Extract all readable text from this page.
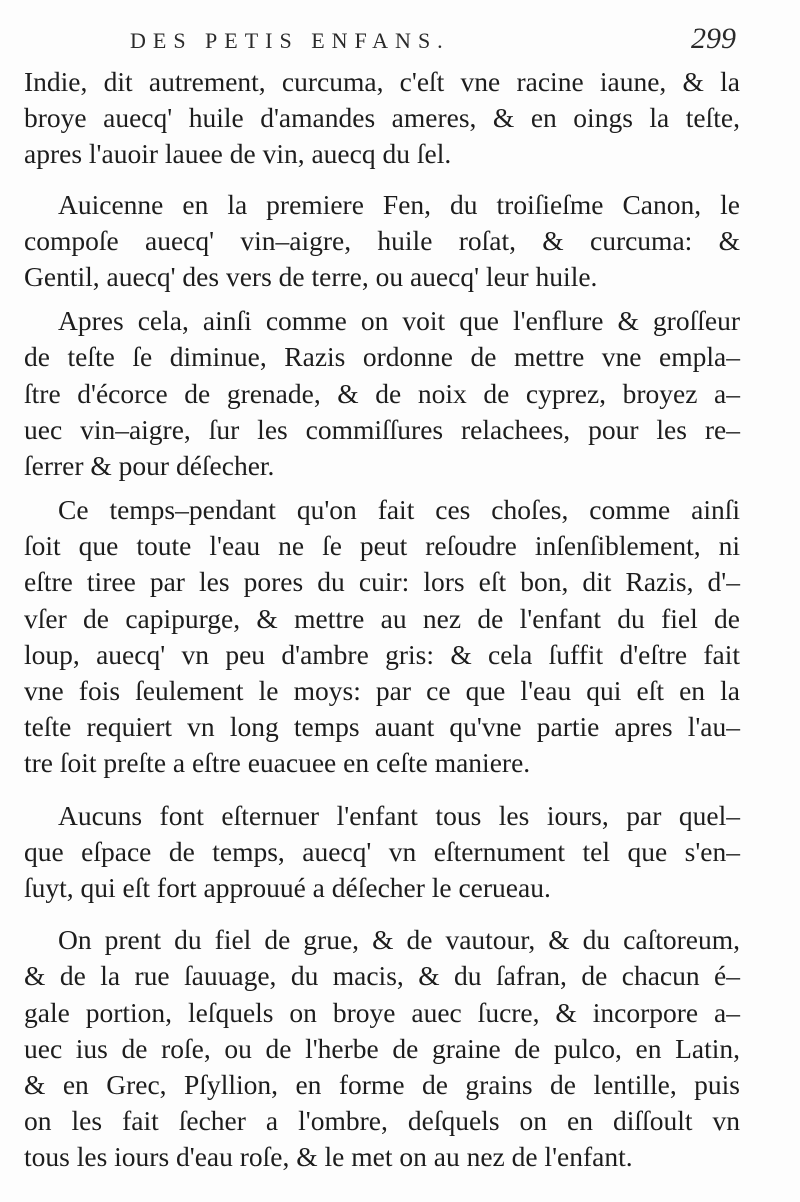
DES PETIS ENFANS.	299
Indie, dit autrement, curcuma, c'eſt vne racine iaune, & la
broye auecq' huile d'amandes ameres, & en oings la teſte,
apres l'auoir lauee de vin, auecq du ſel.
Auicenne en la premiere Fen, du troiſieſme Canon, le
compoſe auecq' vin–aigre, huile roſat, & curcuma: &
Gentil, auecq' des vers de terre, ou auecq' leur huile.
Apres cela, ainſi comme on voit que l'enflure & groſſeur
de teſte ſe diminue, Razis ordonne de mettre vne empla–
ſtre d'écorce de grenade, & de noix de cyprez, broyez a–
uec vin–aigre, ſur les commiſſures relachees, pour les re–
ſerrer & pour déſecher.
Ce temps–pendant qu'on fait ces choſes, comme ainſi
ſoit que toute l'eau ne ſe peut reſoudre inſenſiblement, ni
eſtre tiree par les pores du cuir: lors eſt bon, dit Razis, d'–
vſer de capipurge, & mettre au nez de l'enfant du fiel de
loup, auecq' vn peu d'ambre gris: & cela ſuffit d'eſtre fait
vne fois ſeulement le moys: par ce que l'eau qui eſt en la
teſte requiert vn long temps auant qu'vne partie apres l'au–
tre ſoit preſte a eſtre euacuee en ceſte maniere.
Aucuns font eſternuer l'enfant tous les iours, par quel–
que eſpace de temps, auecq' vn eſternument tel que s'en–
ſuyt, qui eſt fort approuué a déſecher le cerueau.
On prent du fiel de grue, & de vautour, & du caſtoreum,
& de la rue ſauuage, du macis, & du ſafran, de chacun é–
gale portion, leſquels on broye auec ſucre, & incorpore a–
uec ius de roſe, ou de l'herbe de graine de pulco, en Latin,
& en Grec, Pſyllion, en forme de grains de lentille, puis
on les fait ſecher a l'ombre, deſquels on en diſſoult vn
tous les iours d'eau roſe, & le met on au nez de l'enfant.
